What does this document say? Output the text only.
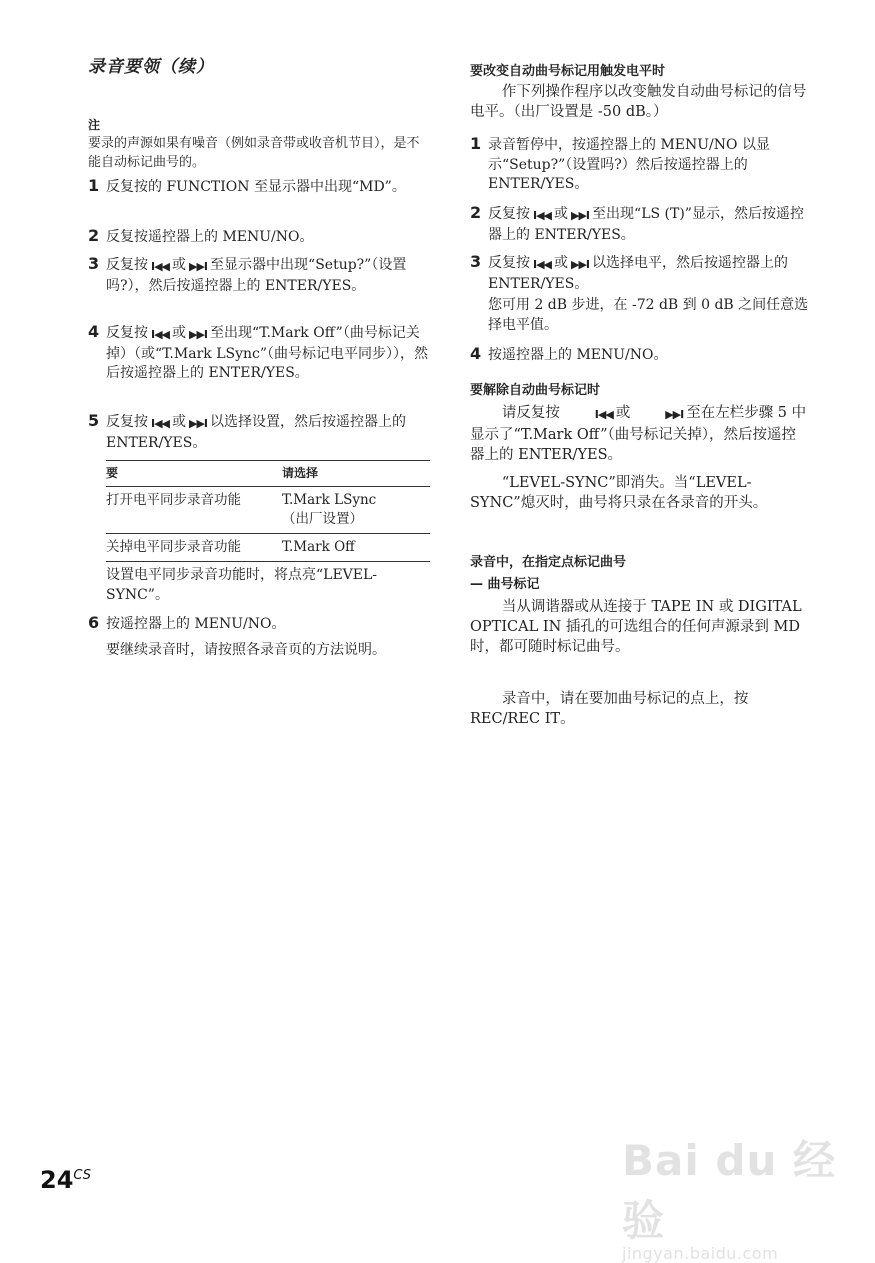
录音要领（续）
注
要录的声源如果有噪音（例如录音带或收音机节目），是不能自动标记曲号的。
1 反复按的 FUNCTION 至显示器中出现“MD”。
2 反复按遥控器上的 MENU/NO。
3 反复按 I◀◀ 或 ▶▶I 至显示器中出现“Setup?”（设置吗?），然后按遥控器上的 ENTER/YES。
4 反复按 I◀◀ 或 ▶▶I 至出现“T.Mark Off”（曲号标记关掉）（或“T.Mark LSync”（曲号标记电平同步）），然后按遥控器上的 ENTER/YES。
5 反复按 I◀◀ 或 ▶▶I 以选择设置，然后按遥控器上的 ENTER/YES。
要	请选择
打开电平同步录音功能	T.Mark LSync
（出厂设置）

关掉电平同步录音功能	T.Mark Off
设置电平同步录音功能时，将点亮“LEVEL-SYNC”。
6 按遥控器上的 MENU/NO。
要继续录音时，请按照各录音页的方法说明。
要改变自动曲号标记用触发电平时
作下列操作程序以改变触发自动曲号标记的信号电平。（出厂设置是 -50 dB。）
1 录音暂停中，按遥控器上的 MENU/NO 以显示“Setup?”（设置吗?）然后按遥控器上的 ENTER/YES。
2 反复按 I◀◀ 或 ▶▶I 至出现“LS (T)”显示，然后按遥控器上的 ENTER/YES。
3 反复按 I◀◀ 或 ▶▶I 以选择电平，然后按遥控器上的 ENTER/YES。
您可用 2 dB 步进，在 -72 dB 到 0 dB 之间任意选择电平值。
4 按遥控器上的 MENU/NO。
要解除自动曲号标记时
请反复按	I◀◀ 或	▶▶I 至在左栏步骤 5 中显示了“T.Mark Off”（曲号标记关掉），然后按遥控器上的 ENTER/YES。
“LEVEL-SYNC”即消失。当“LEVEL-SYNC”熄灭时，曲号将只录在各录音的开头。
录音中，在指定点标记曲号
— 曲号标记
当从调谐器或从连接于 TAPE IN 或 DIGITAL OPTICAL IN 插孔的可选组合的任何声源录到 MD 时，都可随时标记曲号。
录音中，请在要加曲号标记的点上，按 REC/REC IT。
$24^{CS}$	Bai du 经验
jingyan.baidu.com
